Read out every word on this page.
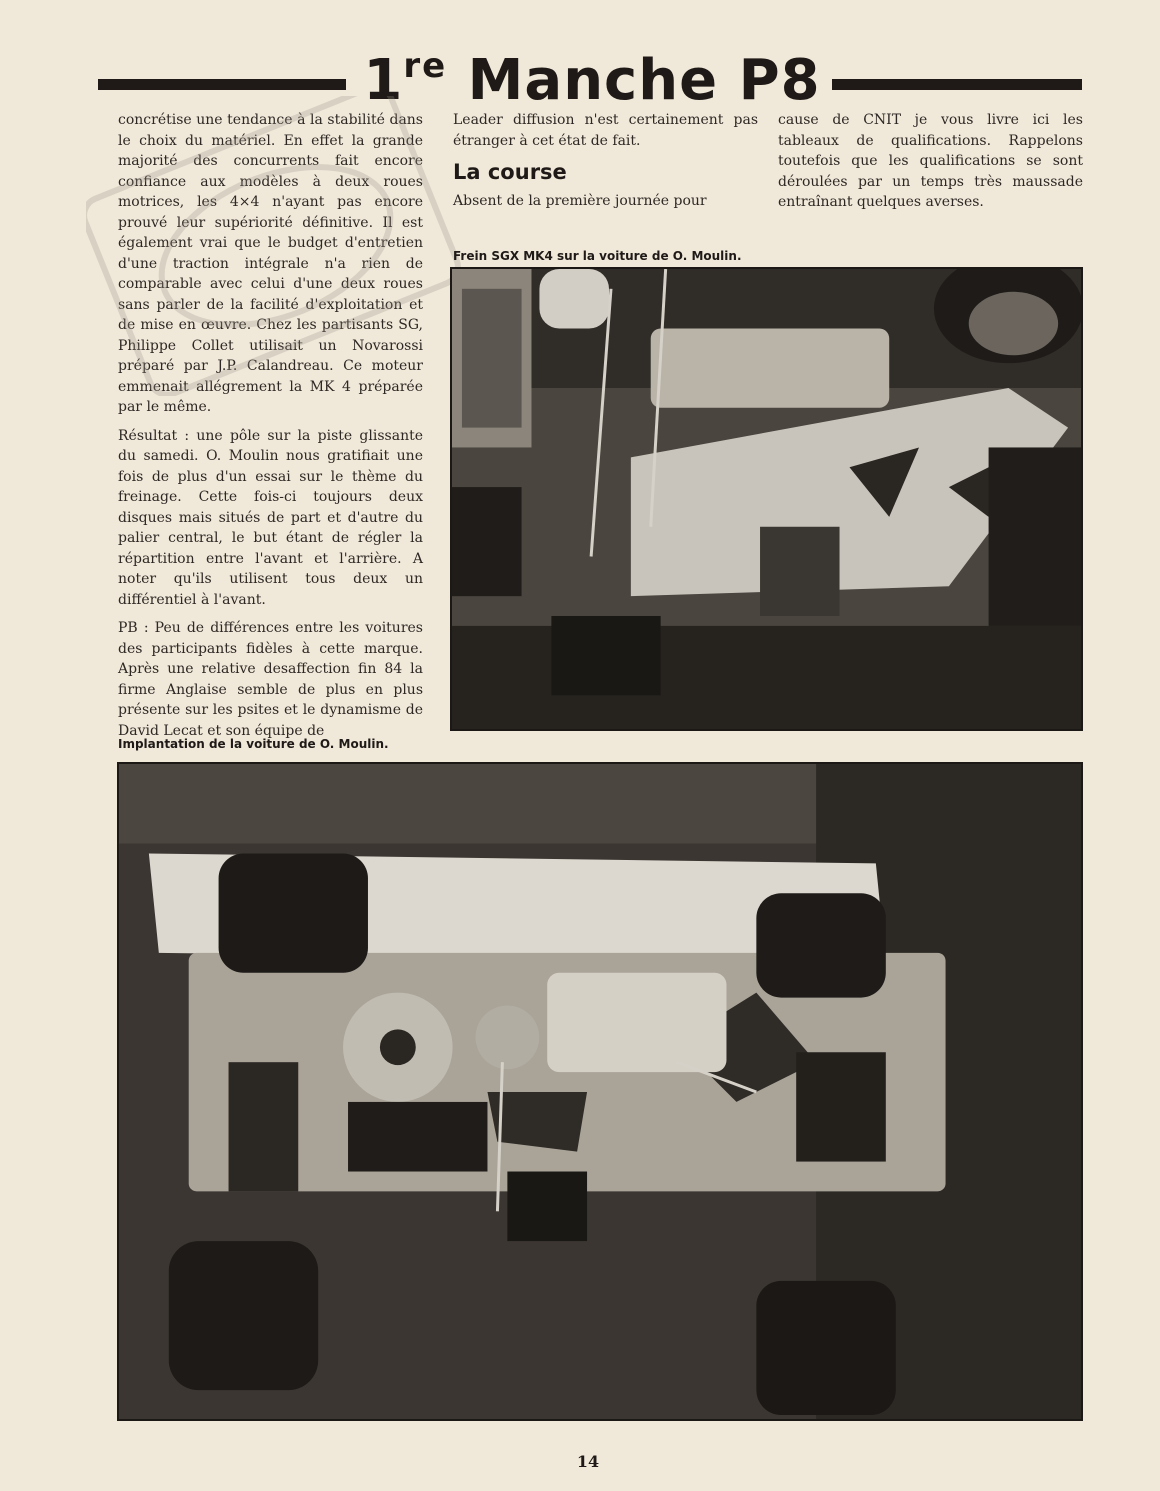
1re Manche P8

concrétise une tendance à la stabilité dans le choix du matériel. En effet la grande majorité des concurrents fait encore confiance aux modèles à deux roues motrices, les 4×4 n'ayant pas encore prouvé leur supériorité définitive. Il est également vrai que le budget d'entretien d'une traction intégrale n'a rien de comparable avec celui d'une deux roues sans parler de la facilité d'exploitation et de mise en œuvre. Chez les partisants SG, Philippe Collet utilisait un Novarossi préparé par J.P. Calandreau. Ce moteur emmenait allégrement la MK 4 préparée par le même.

Résultat : une pôle sur la piste glissante du samedi. O. Moulin nous gratifiait une fois de plus d'un essai sur le thème du freinage. Cette fois-ci toujours deux disques mais situés de part et d'autre du palier central, le but étant de régler la répartition entre l'avant et l'arrière. A noter qu'ils utilisent tous deux un différentiel à l'avant.

PB : Peu de différences entre les voitures des participants fidèles à cette marque. Après une relative desaffection fin 84 la firme Anglaise semble de plus en plus présente sur les psites et le dynamisme de David Lecat et son équipe de

Leader diffusion n'est certainement pas étranger à cet état de fait.

La course

Absent de la première journée pour

cause de CNIT je vous livre ici les tableaux de qualifications. Rappelons toutefois que les qualifications se sont déroulées par un temps très maussade entraînant quelques averses.

Frein SGX MK4 sur la voiture de O. Moulin.
Implantation de la voiture de O. Moulin.
14
